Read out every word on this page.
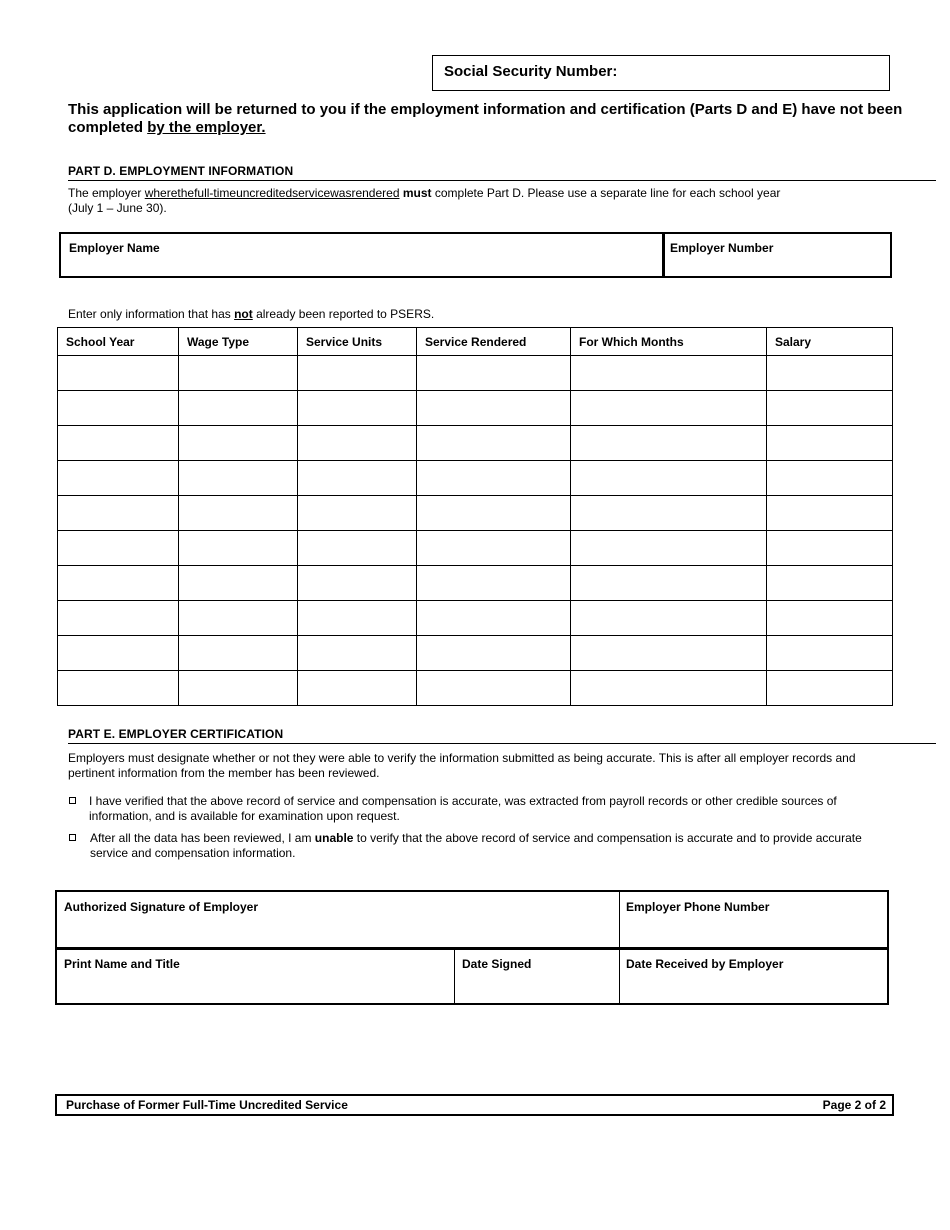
Social Security Number:
This application will be returned to you if the employment information and certification (Parts D and E) have not been completed by the employer.
PART D. EMPLOYMENT INFORMATION
The employer wherethefull-timeuncreditedservicewasrendered must complete Part D. Please use a separate line for each school year
(July 1 – June 30).
Employer Name	Employer Number
Enter only information that has not already been reported to PSERS.
School Year	Wage Type	Service Units	Service Rendered	For Which Months	Salary

PART E. EMPLOYER CERTIFICATION
Employers must designate whether or not they were able to verify the information submitted as being accurate. This is after all employer records and
pertinent information from the member has been reviewed.
I have verified that the above record of service and compensation is accurate, was extracted from payroll records or other credible sources of
information, and is available for examination upon request.
After all the data has been reviewed, I am unable to verify that the above record of service and compensation is accurate and to provide accurate
service and compensation information.
Authorized Signature of Employer	Employer Phone Number
Print Name and Title	Date Signed	Date Received by Employer
Purchase of Former Full-Time Uncredited Service	Page 2 of 2
